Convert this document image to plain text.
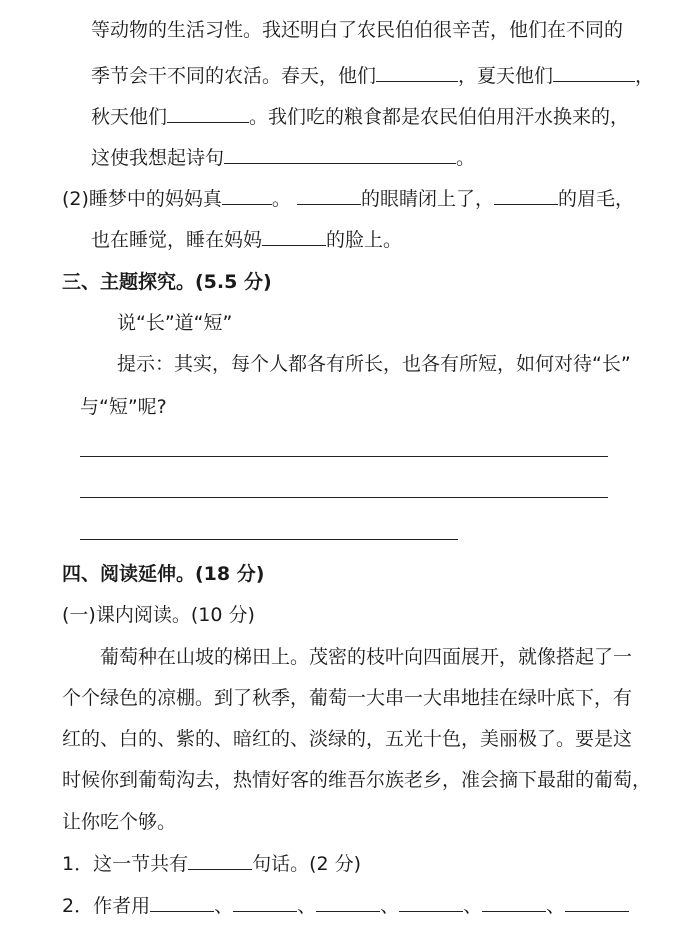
等动物的生活习性。我还明白了农民伯伯很辛苦，他们在不同的
季节会干不同的农活。春天，他们	，夏天他们	，
秋天他们	。我们吃的粮食都是农民伯伯用汗水换来的，
这使我想起诗句	。
(2)睡梦中的妈妈真	。	的眼睛闭上了，	的眉毛，
也在睡觉，睡在妈妈	的脸上。
三、主题探究。(5.5 分)
说“长”道“短”
提示：其实，每个人都各有所长，也各有所短，如何对待“长”
与“短”呢?
四、阅读延伸。(18 分)
(一)课内阅读。(10 分)
葡萄种在山坡的梯田上。茂密的枝叶向四面展开，就像搭起了一
个个绿色的凉棚。到了秋季，葡萄一大串一大串地挂在绿叶底下，有
红的、白的、紫的、暗红的、淡绿的，五光十色，美丽极了。要是这
时候你到葡萄沟去，热情好客的维吾尔族老乡，准会摘下最甜的葡萄，
让你吃个够。
1．这一节共有	句话。(2 分)
2．作者用	、	、	、	、	、
